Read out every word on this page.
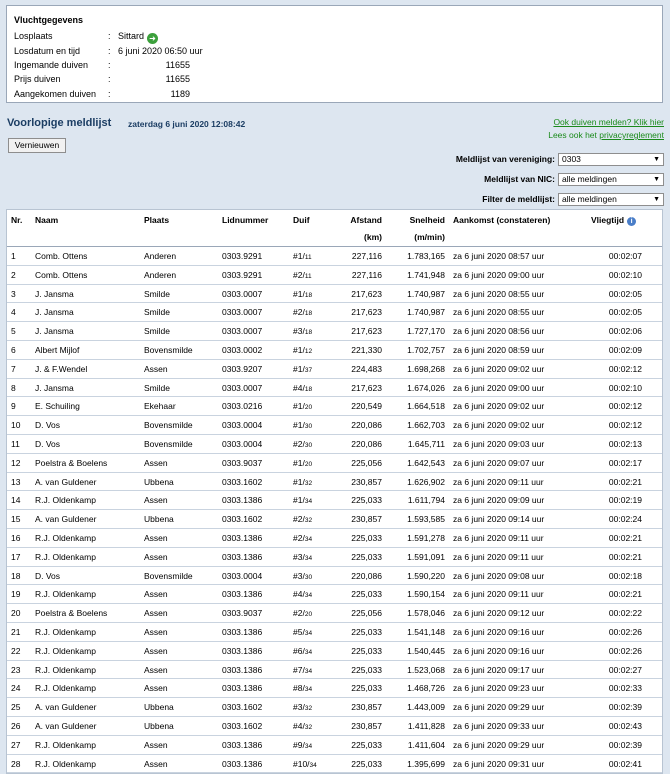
Vluchtgegevens
Losplaats	: Sittard ➜
Losdatum en tijd	: 6 juni 2020 06:50 uur
Ingemande duiven	:	11655
Prijs duiven	:	11655
Aangekomen duiven	:	1189
Voorlopige meldlijst zaterdag 6 juni 2020 12:08:42	Ook duiven melden? Klik hier
Lees ook het privacyreglement
Vernieuwen
Meldlijst van vereniging: 0303	▼
Meldlijst van NIC: alle meldingen	▼
Filter de meldlijst: alle meldingen	▼
Nr. Naam	Plaats	Lidnummer	Duif	Afstand
(km)
Snelheid
(m/min)
Aankomst (constateren)	Vliegtijd i
1 Comb. Ottens	Anderen	0303.9291	#1/11	227,116	1.783,165 za 6 juni 2020 08:57 uur	00:02:07
2 Comb. Ottens	Anderen	0303.9291	#2/11	227,116	1.741,948 za 6 juni 2020 09:00 uur	00:02:10
3 J. Jansma	Smilde	0303.0007	#1/18	217,623	1.740,987 za 6 juni 2020 08:55 uur	00:02:05
4 J. Jansma	Smilde	0303.0007	#2/18	217,623	1.740,987 za 6 juni 2020 08:55 uur	00:02:05
5 J. Jansma	Smilde	0303.0007	#3/18	217,623	1.727,170 za 6 juni 2020 08:56 uur	00:02:06
6 Albert Mijlof	Bovensmilde	0303.0002	#1/12	221,330	1.702,757 za 6 juni 2020 08:59 uur	00:02:09
7 J. & F.Wendel	Assen	0303.9207	#1/37	224,483	1.698,268 za 6 juni 2020 09:02 uur	00:02:12
8 J. Jansma	Smilde	0303.0007	#4/18	217,623	1.674,026 za 6 juni 2020 09:00 uur	00:02:10
9 E. Schuiling	Ekehaar	0303.0216	#1/20	220,549	1.664,518 za 6 juni 2020 09:02 uur	00:02:12
10 D. Vos	Bovensmilde	0303.0004	#1/30	220,086	1.662,703 za 6 juni 2020 09:02 uur	00:02:12
11 D. Vos	Bovensmilde	0303.0004	#2/30	220,086	1.645,711 za 6 juni 2020 09:03 uur	00:02:13
12 Poelstra & Boelens	Assen	0303.9037	#1/20	225,056	1.642,543 za 6 juni 2020 09:07 uur	00:02:17
13 A. van Guldener	Ubbena	0303.1602	#1/32	230,857	1.626,902 za 6 juni 2020 09:11 uur	00:02:21
14 R.J. Oldenkamp	Assen	0303.1386	#1/34	225,033	1.611,794 za 6 juni 2020 09:09 uur	00:02:19
15 A. van Guldener	Ubbena	0303.1602	#2/32	230,857	1.593,585 za 6 juni 2020 09:14 uur	00:02:24
16 R.J. Oldenkamp	Assen	0303.1386	#2/34	225,033	1.591,278 za 6 juni 2020 09:11 uur	00:02:21
17 R.J. Oldenkamp	Assen	0303.1386	#3/34	225,033	1.591,091 za 6 juni 2020 09:11 uur	00:02:21
18 D. Vos	Bovensmilde	0303.0004	#3/30	220,086	1.590,220 za 6 juni 2020 09:08 uur	00:02:18
19 R.J. Oldenkamp	Assen	0303.1386	#4/34	225,033	1.590,154 za 6 juni 2020 09:11 uur	00:02:21
20 Poelstra & Boelens	Assen	0303.9037	#2/20	225,056	1.578,046 za 6 juni 2020 09:12 uur	00:02:22
21 R.J. Oldenkamp	Assen	0303.1386	#5/34	225,033	1.541,148 za 6 juni 2020 09:16 uur	00:02:26
22 R.J. Oldenkamp	Assen	0303.1386	#6/34	225,033	1.540,445 za 6 juni 2020 09:16 uur	00:02:26
23 R.J. Oldenkamp	Assen	0303.1386	#7/34	225,033	1.523,068 za 6 juni 2020 09:17 uur	00:02:27
24 R.J. Oldenkamp	Assen	0303.1386	#8/34	225,033	1.468,726 za 6 juni 2020 09:23 uur	00:02:33
25 A. van Guldener	Ubbena	0303.1602	#3/32	230,857	1.443,009 za 6 juni 2020 09:29 uur	00:02:39
26 A. van Guldener	Ubbena	0303.1602	#4/32	230,857	1.411,828 za 6 juni 2020 09:33 uur	00:02:43
27 R.J. Oldenkamp	Assen	0303.1386	#9/34	225,033	1.411,604 za 6 juni 2020 09:29 uur	00:02:39
28 R.J. Oldenkamp	Assen	0303.1386	#10/34	225,033	1.395,699 za 6 juni 2020 09:31 uur	00:02:41
